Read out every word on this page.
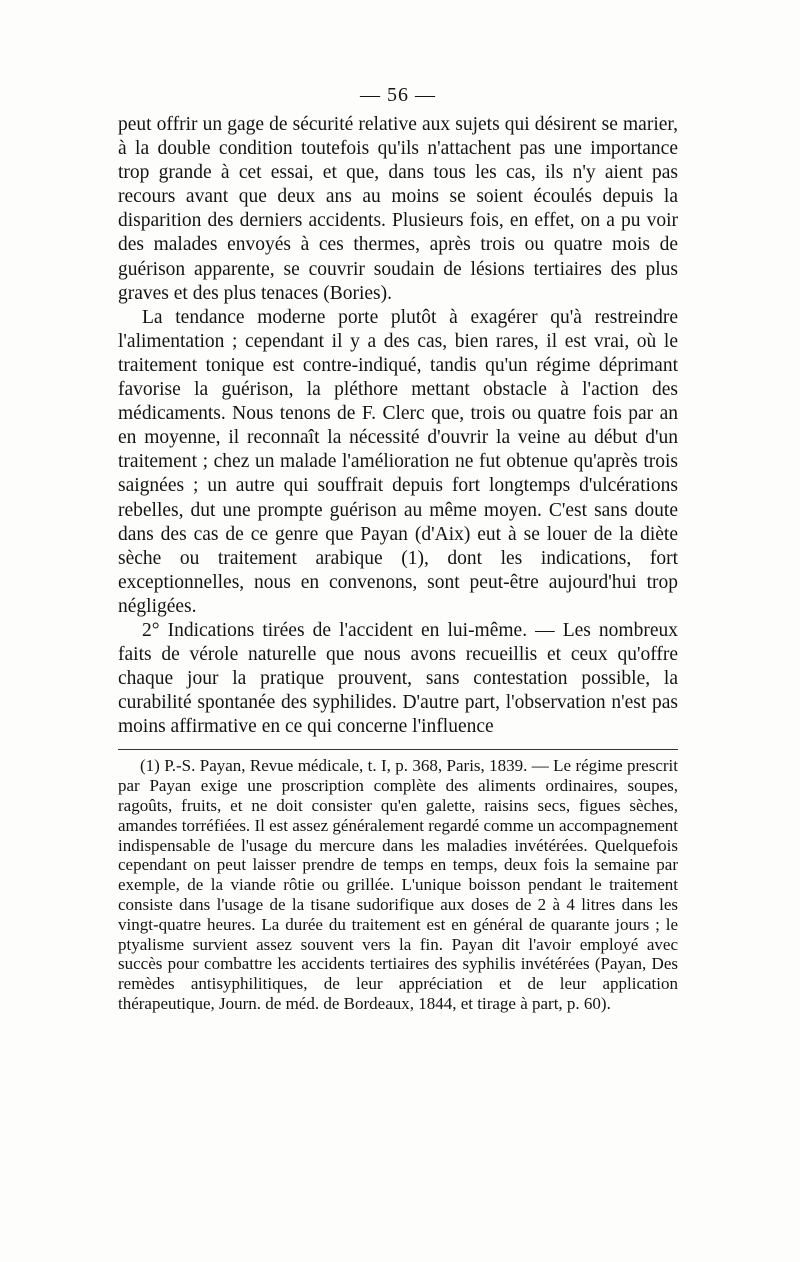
— 56 —

peut offrir un gage de sécurité relative aux sujets qui désirent se marier, à la double condition toutefois qu'ils n'attachent pas une importance trop grande à cet essai, et que, dans tous les cas, ils n'y aient pas recours avant que deux ans au moins se soient écoulés depuis la disparition des derniers accidents. Plusieurs fois, en effet, on a pu voir des malades envoyés à ces thermes, après trois ou quatre mois de guérison apparente, se couvrir soudain de lésions tertiaires des plus graves et des plus tenaces (Bories).

La tendance moderne porte plutôt à exagérer qu'à restreindre l'alimentation ; cependant il y a des cas, bien rares, il est vrai, où le traitement tonique est contre-indiqué, tandis qu'un régime déprimant favorise la guérison, la pléthore mettant obstacle à l'action des médicaments. Nous tenons de F. Clerc que, trois ou quatre fois par an en moyenne, il reconnaît la nécessité d'ouvrir la veine au début d'un traitement ; chez un malade l'amélioration ne fut obtenue qu'après trois saignées ; un autre qui souffrait depuis fort longtemps d'ulcérations rebelles, dut une prompte guérison au même moyen. C'est sans doute dans des cas de ce genre que Payan (d'Aix) eut à se louer de la diète sèche ou traitement arabique (1), dont les indications, fort exceptionnelles, nous en convenons, sont peut-être aujourd'hui trop négligées.

2° Indications tirées de l'accident en lui-même. — Les nombreux faits de vérole naturelle que nous avons recueillis et ceux qu'offre chaque jour la pratique prouvent, sans contestation possible, la curabilité spontanée des syphilides. D'autre part, l'observation n'est pas moins affirmative en ce qui concerne l'influence

(1) P.-S. Payan, Revue médicale, t. I, p. 368, Paris, 1839. — Le régime prescrit par Payan exige une proscription complète des aliments ordinaires, soupes, ragoûts, fruits, et ne doit consister qu'en galette, raisins secs, figues sèches, amandes torréfiées. Il est assez généralement regardé comme un accompagnement indispensable de l'usage du mercure dans les maladies invétérées. Quelquefois cependant on peut laisser prendre de temps en temps, deux fois la semaine par exemple, de la viande rôtie ou grillée. L'unique boisson pendant le traitement consiste dans l'usage de la tisane sudorifique aux doses de 2 à 4 litres dans les vingt-quatre heures. La durée du traitement est en général de quarante jours ; le ptyalisme survient assez souvent vers la fin. Payan dit l'avoir employé avec succès pour combattre les accidents tertiaires des syphilis invétérées (Payan, Des remèdes antisyphilitiques, de leur appréciation et de leur application thérapeutique, Journ. de méd. de Bordeaux, 1844, et tirage à part, p. 60).
